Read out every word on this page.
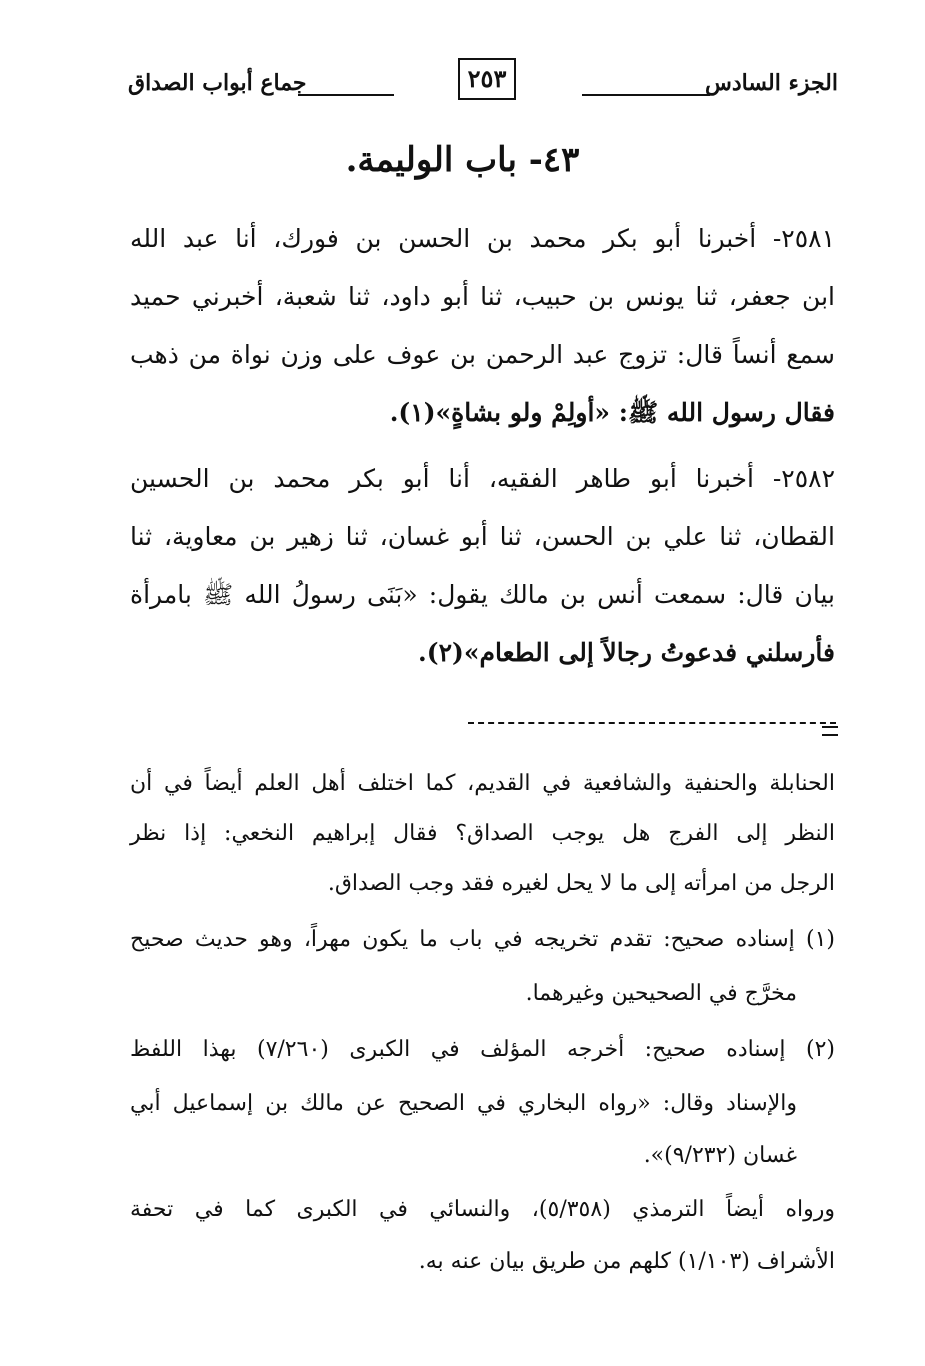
الجزء السادس
٢٥٣
جماع أبواب الصداق
٤٣- باب الوليمة.
٢٥٨١- أخبرنا أبو بكر محمد بن الحسن بن فورك، أنا عبد الله
ابن جعفر، ثنا يونس بن حبيب، ثنا أبو داود، ثنا شعبة، أخبرني حميد
سمع أنساً قال: تزوج عبد الرحمن بن عوف على وزن نواة من ذهب
فقال رسول الله ﷺ: «أولِمْ ولو بشاةٍ»(١).
٢٥٨٢- أخبرنا أبو طاهر الفقيه، أنا أبو بكر محمد بن الحسين
القطان، ثنا علي بن الحسن، ثنا أبو غسان، ثنا زهير بن معاوية، ثنا
بيان قال: سمعت أنس بن مالك يقول: «بَنَى رسولُ الله ﷺ بامرأة
فأرسلني فدعوتُ رجالاً إلى الطعام»(٢).
الحنابلة والحنفية والشافعية في القديم، كما اختلف أهل العلم أيضاً في أن
النظر إلى الفرج هل يوجب الصداق؟ فقال إبراهيم النخعي: إذا نظر
الرجل من امرأته إلى ما لا يحل لغيره فقد وجب الصداق.
(١) إسناده صحيح: تقدم تخريجه في باب ما يكون مهراً، وهو حديث صحيح
مخرَّج في الصحيحين وغيرهما.
(٢) إسناده صحيح: أخرجه المؤلف في الكبرى (٧/٢٦٠) بهذا اللفظ
والإسناد وقال: «رواه البخاري في الصحيح عن مالك بن إسماعيل أبي
غسان (٩/٢٣٢)».
ورواه أيضاً الترمذي (٥/٣٥٨)، والنسائي في الكبرى كما في تحفة
الأشراف (١/١٠٣) كلهم من طريق بيان عنه به.
